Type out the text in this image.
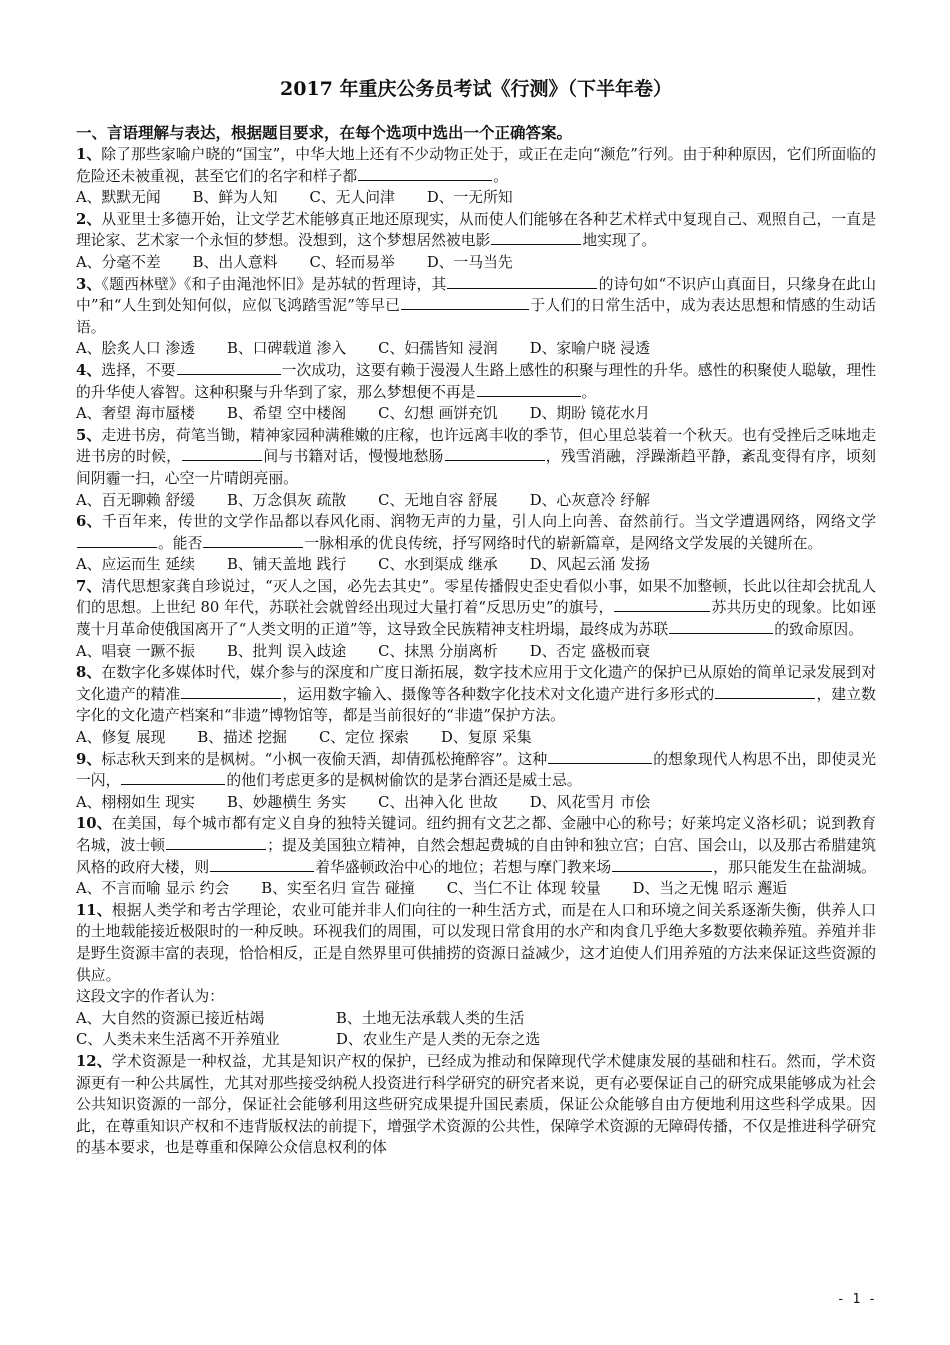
2017 年重庆公务员考试《行测》（下半年卷）
一、言语理解与表达，根据题目要求，在每个选项中选出一个正确答案。

1、除了那些家喻户晓的“国宝”，中华大地上还有不少动物正处于，或正在走向“濒危”行列。由于种种原因，它们所面临的危险还未被重视，甚至它们的名字和样子都	。

A、默默无闻 B、鲜为人知 C、无人问津 D、一无所知

2、从亚里士多德开始，让文学艺术能够真正地还原现实，从而使人们能够在各种艺术样式中复现自己、观照自己，一直是理论家、艺术家一个永恒的梦想。没想到，这个梦想居然被电影	地实现了。

A、分毫不差 B、出人意料 C、轻而易举 D、一马当先

3、《题西林壁》《和子由渑池怀旧》是苏轼的哲理诗，其	的诗句如“不识庐山真面目，只缘身在此山中”和“人生到处知何似，应似飞鸿踏雪泥”等早已	于人们的日常生活中，成为表达思想和情感的生动话语。

A、脍炙人口 渗透 B、口碑载道 渗入 C、妇孺皆知 浸润 D、家喻户晓 浸透

4、选择，不要	一次成功，这要有赖于漫漫人生路上感性的积聚与理性的升华。感性的积聚使人聪敏，理性的升华使人睿智。这种积聚与升华到了家，那么梦想便不再是	。

A、奢望 海市蜃楼 B、希望 空中楼阁 C、幻想 画饼充饥 D、期盼 镜花水月

5、走进书房，荷笔当锄，精神家园种满稚嫩的庄稼，也许远离丰收的季节，但心里总装着一个秋天。也有受挫后乏味地走进书房的时候，	间与书籍对话，慢慢地愁肠	，残雪消融，浮躁渐趋平静，紊乱变得有序，顷刻间阴霾一扫，心空一片晴朗亮丽。

A、百无聊赖 舒缓 B、万念俱灰 疏散 C、无地自容 舒展 D、心灰意冷 纾解

6、千百年来，传世的文学作品都以春风化雨、润物无声的力量，引人向上向善、奋然前行。当文学遭遇网络，网络文学。能否	一脉相承的优良传统，抒写网络时代的崭新篇章，是网络文学发展的关键所在。

A、应运而生 延续 B、铺天盖地 践行 C、水到渠成 继承 D、风起云涌 发扬

7、清代思想家龚自珍说过，“灭人之国，必先去其史”。零星传播假史歪史看似小事，如果不加整顿，长此以往却会扰乱人们的思想。上世纪 80 年代，苏联社会就曾经出现过大量打着“反思历史”的旗号，	苏共历史的现象。比如诬蔑十月革命使俄国离开了“人类文明的正道”等，这导致全民族精神支柱坍塌，最终成为苏联	的致命原因。

A、唱衰 一蹶不振 B、批判 误入歧途 C、抹黑 分崩离析 D、否定 盛极而衰

8、在数字化多媒体时代，媒介参与的深度和广度日渐拓展，数字技术应用于文化遗产的保护已从原始的简单记录发展到对文化遗产的精准	，运用数字输入、摄像等各种数字化技术对文化遗产进行多形式的	，建立数字化的文化遗产档案和“非遗”博物馆等，都是当前很好的“非遗”保护方法。

A、修复 展现 B、描述 挖掘 C、定位 探索 D、复原 采集

9、标志秋天到来的是枫树。“小枫一夜偷天酒，却倩孤松掩醉容”。这种	的想象现代人构思不出，即使灵光一闪，	的他们考虑更多的是枫树偷饮的是茅台酒还是威士忌。

A、栩栩如生 现实 B、妙趣横生 务实 C、出神入化 世故 D、风花雪月 市侩

10、在美国，每个城市都有定义自身的独特关键词。纽约拥有文艺之都、金融中心的称号；好莱坞定义洛杉矶；说到教育名城，波士顿	；提及美国独立精神，自然会想起费城的自由钟和独立宫；白宫、国会山，以及那古希腊建筑风格的政府大楼，则	着华盛顿政治中心的地位；若想与摩门教来场	，那只能发生在盐湖城。

A、不言而喻 显示 约会 B、实至名归 宣告 碰撞 C、当仁不让 体现 较量 D、当之无愧 昭示 邂逅

11、根据人类学和考古学理论，农业可能并非人们向往的一种生活方式，而是在人口和环境之间关系逐渐失衡，供养人口的土地载能接近极限时的一种反映。环视我们的周围，可以发现日常食用的水产和肉食几乎绝大多数要依赖养殖。养殖并非是野生资源丰富的表现，恰恰相反，正是自然界里可供捕捞的资源日益减少，这才迫使人们用养殖的方法来保证这些资源的供应。

这段文字的作者认为：

A、大自然的资源已接近枯竭	B、土地无法承载人类的生活
C、人类未来生活离不开养殖业	D、农业生产是人类的无奈之选

12、学术资源是一种权益，尤其是知识产权的保护，已经成为推动和保障现代学术健康发展的基础和柱石。然而，学术资源更有一种公共属性，尤其对那些接受纳税人投资进行科学研究的研究者来说，更有必要保证自己的研究成果能够成为社会公共知识资源的一部分，保证社会能够利用这些研究成果提升国民素质，保证公众能够自由方便地利用这些科学成果。因此，在尊重知识产权和不违背版权法的前提下，增强学术资源的公共性，保障学术资源的无障碍传播，不仅是推进科学研究的基本要求，也是尊重和保障公众信息权利的体

- 1 -
